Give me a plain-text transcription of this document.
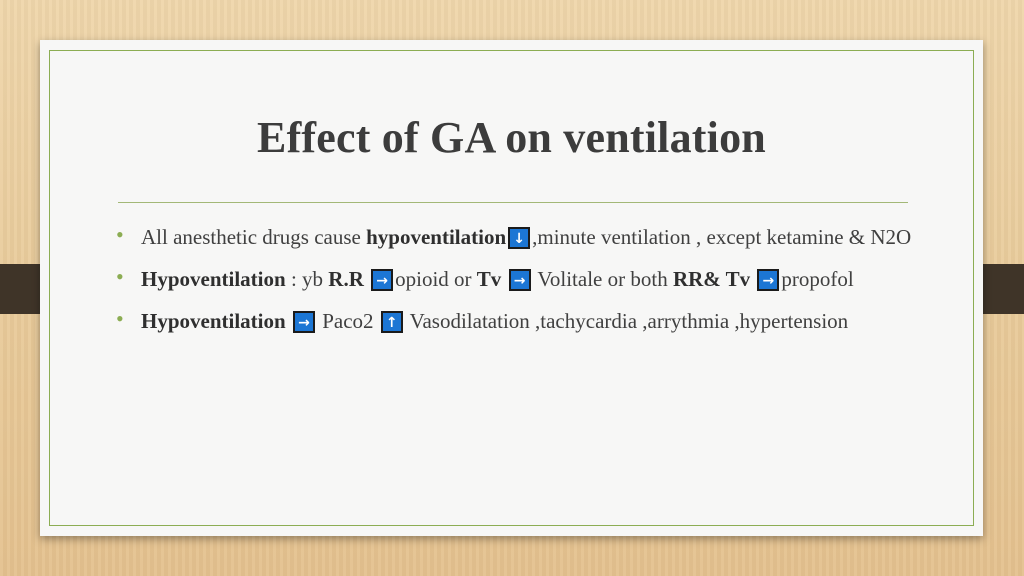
Effect of GA on ventilation
• All anesthetic drugs cause hypoventilation ↓ ,minute ventilation , except ketamine & N2O
• Hypoventilation : yb R.R → opioid or Tv → Volitale or both RR& Tv → propofol
• Hypoventilation → Paco2 ↑ Vasodilatation ,tachycardia ,arrythmia ,hypertension
